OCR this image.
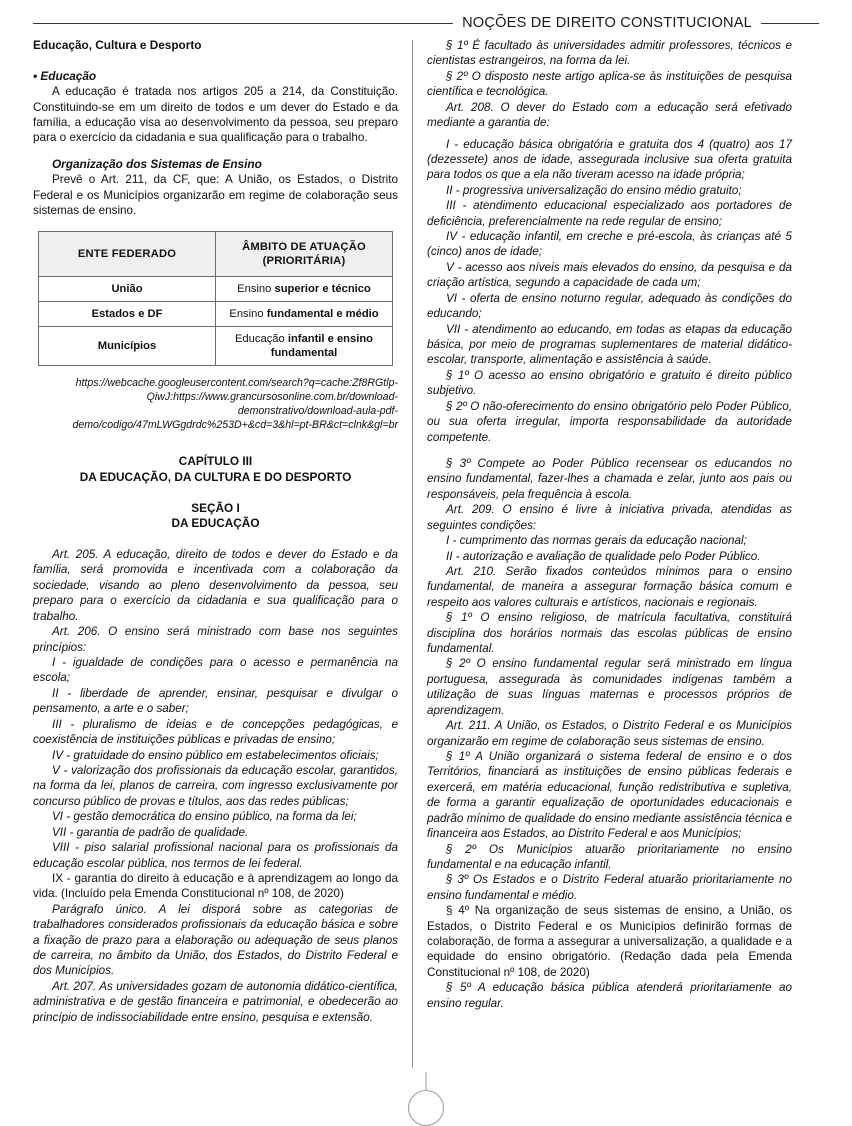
NOÇÕES DE DIREITO CONSTITUCIONAL

Educação, Cultura e Desporto

• Educação

A educação é tratada nos artigos 205 a 214, da Constituição. Constituindo-se em um direito de todos e um dever do Estado e da família, a educação visa ao desenvolvimento da pessoa, seu preparo para o exercício da cidadania e sua qualificação para o trabalho.

Organização dos Sistemas de Ensino

Prevê o Art. 211, da CF, que: A União, os Estados, o Distrito Federal e os Municípios organizarão em regime de colaboração seus sistemas de ensino.

ENTE FEDERADO	ÂMBITO DE ATUAÇÃO
(PRIORITÁRIA)
União	Ensino superior e técnico
Estados e DF	Ensino fundamental e médio
Municípios	Educação infantil e ensino fundamental

https://webcache.googleusercontent.com/search?q=cache:Zf8RGtlp-QiwJ:https://www.grancursosonline.com.br/download-demonstrativo/download-aula-pdf-demo/codigo/47mLWGgdrdc%253D+&cd=3&hl=pt-BR&ct=clnk&gl=br

CAPÍTULO III

DA EDUCAÇÃO, DA CULTURA E DO DESPORTO

SEÇÃO I

DA EDUCAÇÃO

Art. 205. A educação, direito de todos e dever do Estado e da família, será promovida e incentivada com a colaboração da sociedade, visando ao pleno desenvolvimento da pessoa, seu preparo para o exercício da cidadania e sua qualificação para o trabalho.

Art. 206. O ensino será ministrado com base nos seguintes princípios:

I - igualdade de condições para o acesso e permanência na escola;

II - liberdade de aprender, ensinar, pesquisar e divulgar o pensamento, a arte e o saber;

III - pluralismo de ideias e de concepções pedagógicas, e coexistência de instituições públicas e privadas de ensino;

IV - gratuidade do ensino público em estabelecimentos oficiais;

V - valorização dos profissionais da educação escolar, garantidos, na forma da lei, planos de carreira, com ingresso exclusivamente por concurso público de provas e títulos, aos das redes públicas;

VI - gestão democrática do ensino público, na forma da lei;

VII - garantia de padrão de qualidade.

VIII - piso salarial profissional nacional para os profissionais da educação escolar pública, nos termos de lei federal.

IX - garantia do direito à educação e à aprendizagem ao longo da vida. (Incluído pela Emenda Constitucional nº 108, de 2020)

Parágrafo único. A lei disporá sobre as categorias de trabalhadores considerados profissionais da educação básica e sobre a fixação de prazo para a elaboração ou adequação de seus planos de carreira, no âmbito da União, dos Estados, do Distrito Federal e dos Municípios.

Art. 207. As universidades gozam de autonomia didático-científica, administrativa e de gestão financeira e patrimonial, e obedecerão ao princípio de indissociabilidade entre ensino, pesquisa e extensão.

§ 1º É facultado às universidades admitir professores, técnicos e cientistas estrangeiros, na forma da lei.

§ 2º O disposto neste artigo aplica-se às instituições de pesquisa científica e tecnológica.

Art. 208. O dever do Estado com a educação será efetivado mediante a garantia de:

I - educação básica obrigatória e gratuita dos 4 (quatro) aos 17 (dezessete) anos de idade, assegurada inclusive sua oferta gratuita para todos os que a ela não tiveram acesso na idade própria;

II - progressiva universalização do ensino médio gratuito;

III - atendimento educacional especializado aos portadores de deficiência, preferencialmente na rede regular de ensino;

IV - educação infantil, em creche e pré-escola, às crianças até 5 (cinco) anos de idade;

V - acesso aos níveis mais elevados do ensino, da pesquisa e da criação artística, segundo a capacidade de cada um;

VI - oferta de ensino noturno regular, adequado às condições do educando;

VII - atendimento ao educando, em todas as etapas da educação básica, por meio de programas suplementares de material didático-escolar, transporte, alimentação e assistência à saúde.

§ 1º O acesso ao ensino obrigatório e gratuito é direito público subjetivo.

§ 2º O não-oferecimento do ensino obrigatório pelo Poder Público, ou sua oferta irregular, importa responsabilidade da autoridade competente.

§ 3º Compete ao Poder Público recensear os educandos no ensino fundamental, fazer-lhes a chamada e zelar, junto aos pais ou responsáveis, pela frequência à escola.

Art. 209. O ensino é livre à iniciativa privada, atendidas as seguintes condições:

I - cumprimento das normas gerais da educação nacional;

II - autorização e avaliação de qualidade pelo Poder Público.

Art. 210. Serão fixados conteúdos mínimos para o ensino fundamental, de maneira a assegurar formação básica comum e respeito aos valores culturais e artísticos, nacionais e regionais.

§ 1º O ensino religioso, de matrícula facultativa, constituirá disciplina dos horários normais das escolas públicas de ensino fundamental.

§ 2º O ensino fundamental regular será ministrado em língua portuguesa, assegurada às comunidades indígenas também a utilização de suas línguas maternas e processos próprios de aprendizagem.

Art. 211. A União, os Estados, o Distrito Federal e os Municípios organizarão em regime de colaboração seus sistemas de ensino.

§ 1º A União organizará o sistema federal de ensino e o dos Territórios, financiará as instituições de ensino públicas federais e exercerá, em matéria educacional, função redistributiva e supletiva, de forma a garantir equalização de oportunidades educacionais e padrão mínimo de qualidade do ensino mediante assistência técnica e financeira aos Estados, ao Distrito Federal e aos Municípios;

§ 2º Os Municípios atuarão prioritariamente no ensino fundamental e na educação infantil.

§ 3º Os Estados e o Distrito Federal atuarão prioritariamente no ensino fundamental e médio.

§ 4º Na organização de seus sistemas de ensino, a União, os Estados, o Distrito Federal e os Municípios definirão formas de colaboração, de forma a assegurar a universalização, a qualidade e a equidade do ensino obrigatório. (Redação dada pela Emenda Constitucional nº 108, de 2020)

§ 5º A educação básica pública atenderá prioritariamente ao ensino regular.
